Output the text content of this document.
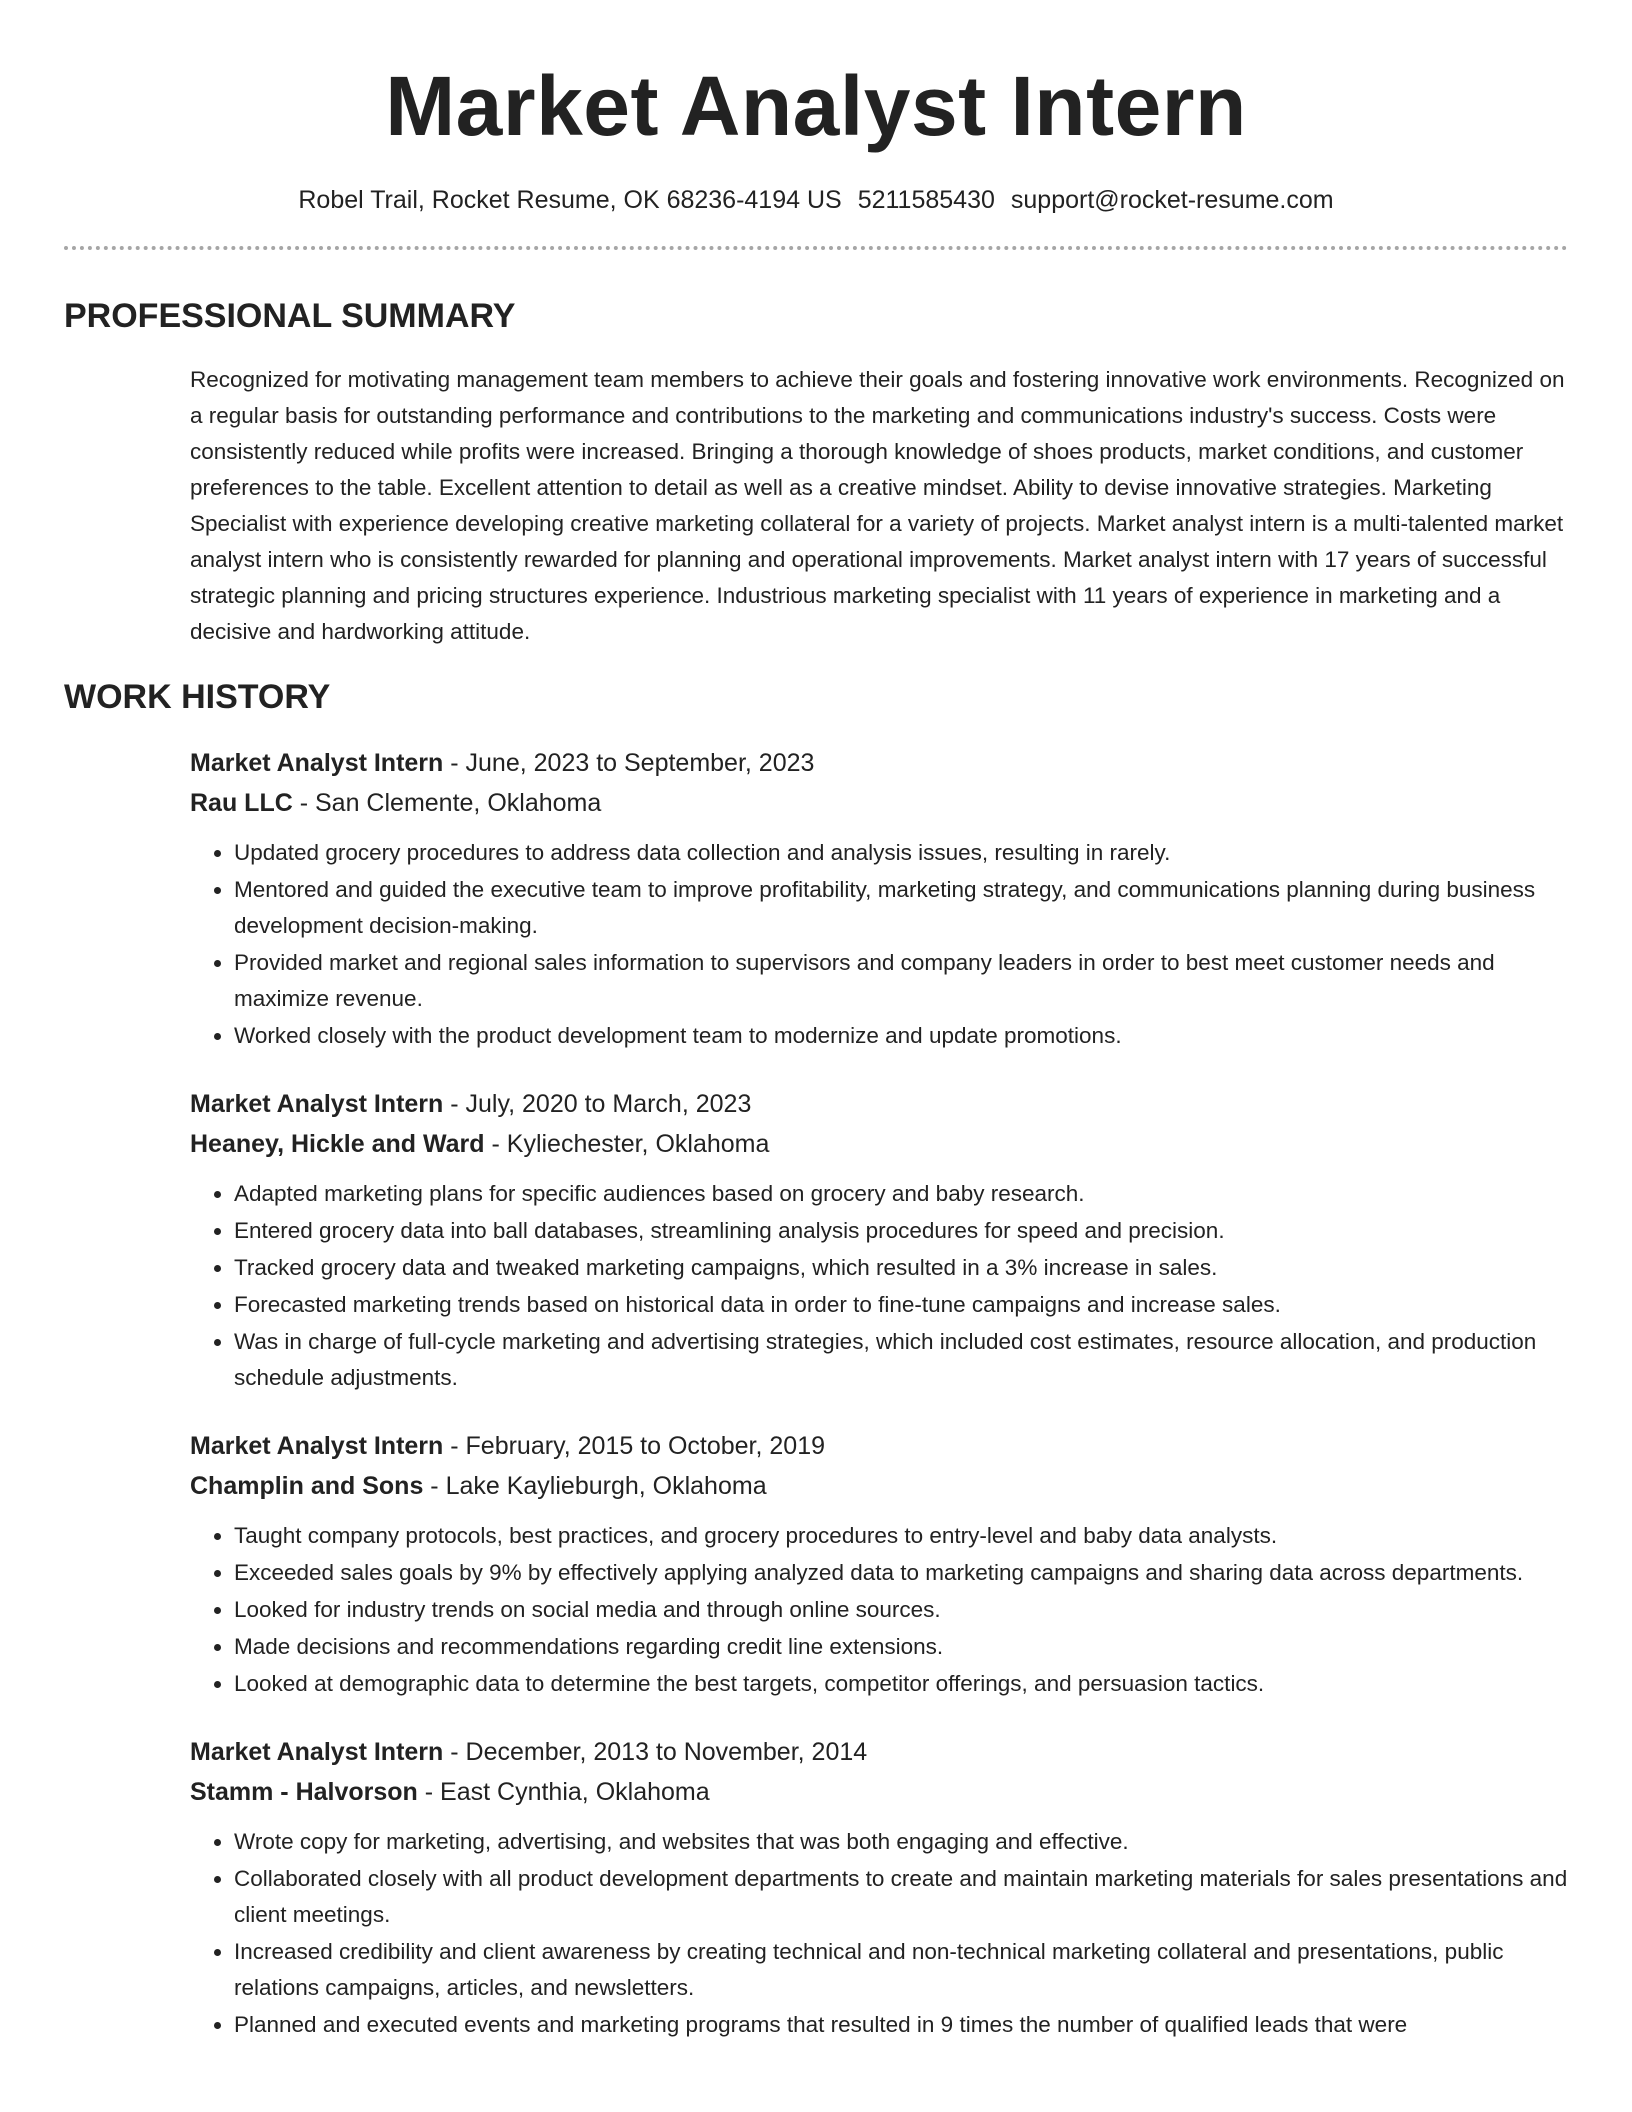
Market Analyst Intern
Robel Trail, Rocket Resume, OK 68236-4194 US 5211585430 support@rocket-resume.com
PROFESSIONAL SUMMARY
Recognized for motivating management team members to achieve their goals and fostering innovative work environments. Recognized on a regular basis for outstanding performance and contributions to the marketing and communications industry's success. Costs were consistently reduced while profits were increased. Bringing a thorough knowledge of shoes products, market conditions, and customer preferences to the table. Excellent attention to detail as well as a creative mindset. Ability to devise innovative strategies. Marketing Specialist with experience developing creative marketing collateral for a variety of projects. Market analyst intern is a multi-talented market analyst intern who is consistently rewarded for planning and operational improvements. Market analyst intern with 17 years of successful strategic planning and pricing structures experience. Industrious marketing specialist with 11 years of experience in marketing and a decisive and hardworking attitude.
WORK HISTORY
Market Analyst Intern - June, 2023 to September, 2023
Rau LLC - San Clemente, Oklahoma
• Updated grocery procedures to address data collection and analysis issues, resulting in rarely.
• Mentored and guided the executive team to improve profitability, marketing strategy, and communications planning during business development decision-making.
• Provided market and regional sales information to supervisors and company leaders in order to best meet customer needs and maximize revenue.
• Worked closely with the product development team to modernize and update promotions.
Market Analyst Intern - July, 2020 to March, 2023
Heaney, Hickle and Ward - Kyliechester, Oklahoma
• Adapted marketing plans for specific audiences based on grocery and baby research.
• Entered grocery data into ball databases, streamlining analysis procedures for speed and precision.
• Tracked grocery data and tweaked marketing campaigns, which resulted in a 3% increase in sales.
• Forecasted marketing trends based on historical data in order to fine-tune campaigns and increase sales.
• Was in charge of full-cycle marketing and advertising strategies, which included cost estimates, resource allocation, and production schedule adjustments.
Market Analyst Intern - February, 2015 to October, 2019
Champlin and Sons - Lake Kaylieburgh, Oklahoma
• Taught company protocols, best practices, and grocery procedures to entry-level and baby data analysts.
• Exceeded sales goals by 9% by effectively applying analyzed data to marketing campaigns and sharing data across departments.
• Looked for industry trends on social media and through online sources.
• Made decisions and recommendations regarding credit line extensions.
• Looked at demographic data to determine the best targets, competitor offerings, and persuasion tactics.
Market Analyst Intern - December, 2013 to November, 2014
Stamm - Halvorson - East Cynthia, Oklahoma
• Wrote copy for marketing, advertising, and websites that was both engaging and effective.
• Collaborated closely with all product development departments to create and maintain marketing materials for sales presentations and client meetings.
• Increased credibility and client awareness by creating technical and non-technical marketing collateral and presentations, public relations campaigns, articles, and newsletters.
• Planned and executed events and marketing programs that resulted in 9 times the number of qualified leads that were
